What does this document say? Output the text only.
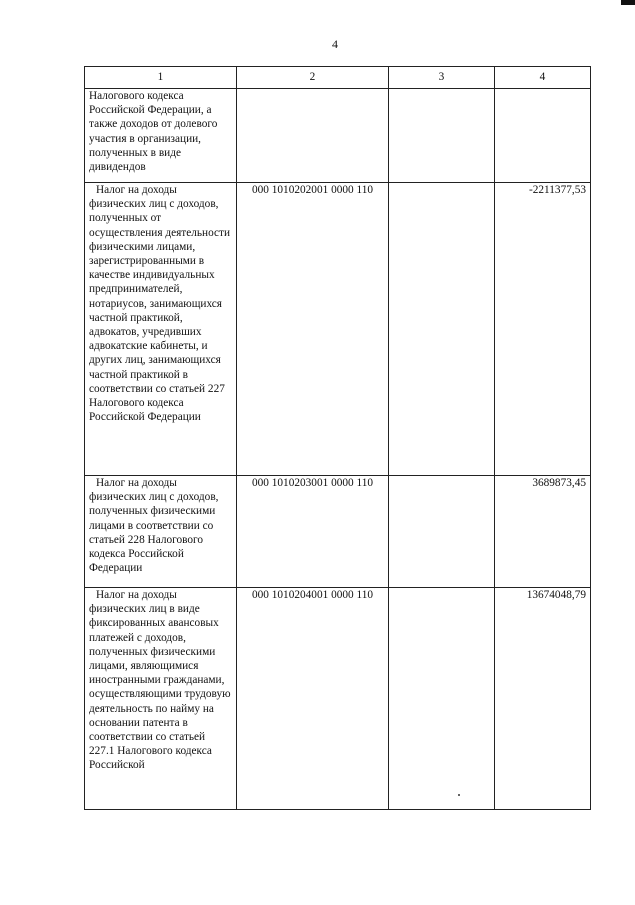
4
1	2	3	4
Налогового кодекса Российской Федерации, а также доходов от долевого участия в организации, полученных в виде дивидендов			

Налог на доходы физических лиц с доходов, полученных от осуществления деятельности физическими лицами, зарегистрированными в качестве индивидуальных предпринимателей, нотариусов, занимающихся частной практикой, адвокатов, учредивших адвокатские кабинеты, и других лиц, занимающихся частной практикой в соответствии со статьей 227 Налогового кодекса Российской Федерации	000 1010202001 0000 110		-2211377,53

Налог на доходы физических лиц с доходов, полученных физическими лицами в соответствии со статьей 228 Налогового кодекса Российской Федерации	000 1010203001 0000 110		3689873,45

Налог на доходы физических лиц в виде фиксированных авансовых платежей с доходов, полученных физическими лицами, являющимися иностранными гражданами, осуществляющими трудовую деятельность по найму на основании патента в соответствии со статьей 227.1 Налогового кодекса Российской	000 1010204001 0000 110		13674048,79
